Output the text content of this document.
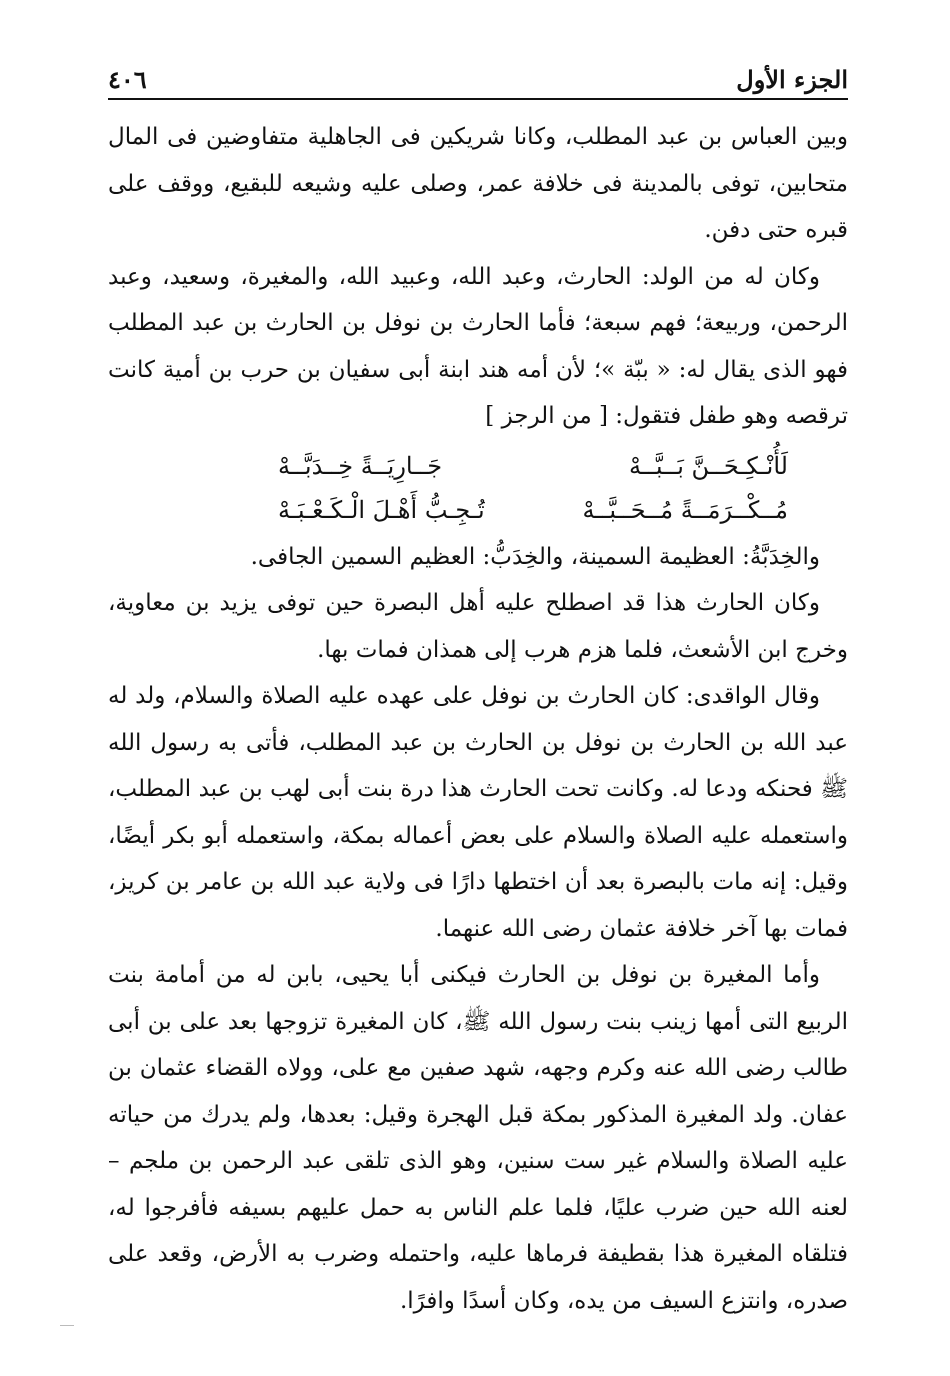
الجزء الأول
٤٠٦

وبين العباس بن عبد المطلب، وكانا شريكين فى الجاهلية متفاوضين فى المال متحابين، توفى بالمدينة فى خلافة عمر، وصلى عليه وشيعه للبقيع، ووقف على قبره حتى دفن.

وكان له من الولد: الحارث، وعبد الله، وعبيد الله، والمغيرة، وسعيد، وعبد الرحمن، وربيعة؛ فهم سبعة؛ فأما الحارث بن نوفل بن الحارث بن عبد المطلب فهو الذى يقال له: « ببّة »؛ لأن أمه هند ابنة أبى سفيان بن حرب بن أمية كانت ترقصه وهو طفل فتقول: [ من الرجز ]

لَأُنْـكِـحَــنَّ بَــبَّــهْ
جَــارِيَــةً خِــدَبَّــهْ
مُــكْــرَمَــةً مُــحَــبَّــهْ
تُـجِـبُّ أَهْـلَ الْـكَـعْـبَـهْ

والخِدَبَّةُ: العظيمة السمينة، والخِدَبُّ: العظيم السمين الجافى.

وكان الحارث هذا قد اصطلح عليه أهل البصرة حين توفى يزيد بن معاوية، وخرج ابن الأشعث، فلما هزم هرب إلى همذان فمات بها.

وقال الواقدى: كان الحارث بن نوفل على عهده عليه الصلاة والسلام، ولد له عبد الله بن الحارث بن نوفل بن الحارث بن عبد المطلب، فأتى به رسول الله ﷺ فحنكه ودعا له. وكانت تحت الحارث هذا درة بنت أبى لهب بن عبد المطلب، واستعمله عليه الصلاة والسلام على بعض أعماله بمكة، واستعمله أبو بكر أيضًا، وقيل: إنه مات بالبصرة بعد أن اختطها دارًا فى ولاية عبد الله بن عامر بن كريز، فمات بها آخر خلافة عثمان رضى الله عنهما.

وأما المغيرة بن نوفل بن الحارث فيكنى أبا يحيى، بابن له من أمامة بنت الربيع التى أمها زينب بنت رسول الله ﷺ، كان المغيرة تزوجها بعد على بن أبى طالب رضى الله عنه وكرم وجهه، شهد صفين مع على، وولاه القضاء عثمان بن عفان. ولد المغيرة المذكور بمكة قبل الهجرة وقيل: بعدها، ولم يدرك من حياته عليه الصلاة والسلام غير ست سنين، وهو الذى تلقى عبد الرحمن بن ملجم – لعنه الله حين ضرب عليًا، فلما علم الناس به حمل عليهم بسيفه فأفرجوا له، فتلقاه المغيرة هذا بقطيفة فرماها عليه، واحتمله وضرب به الأرض، وقعد على صدره، وانتزع السيف من يده، وكان أسدًا وافرًا.
